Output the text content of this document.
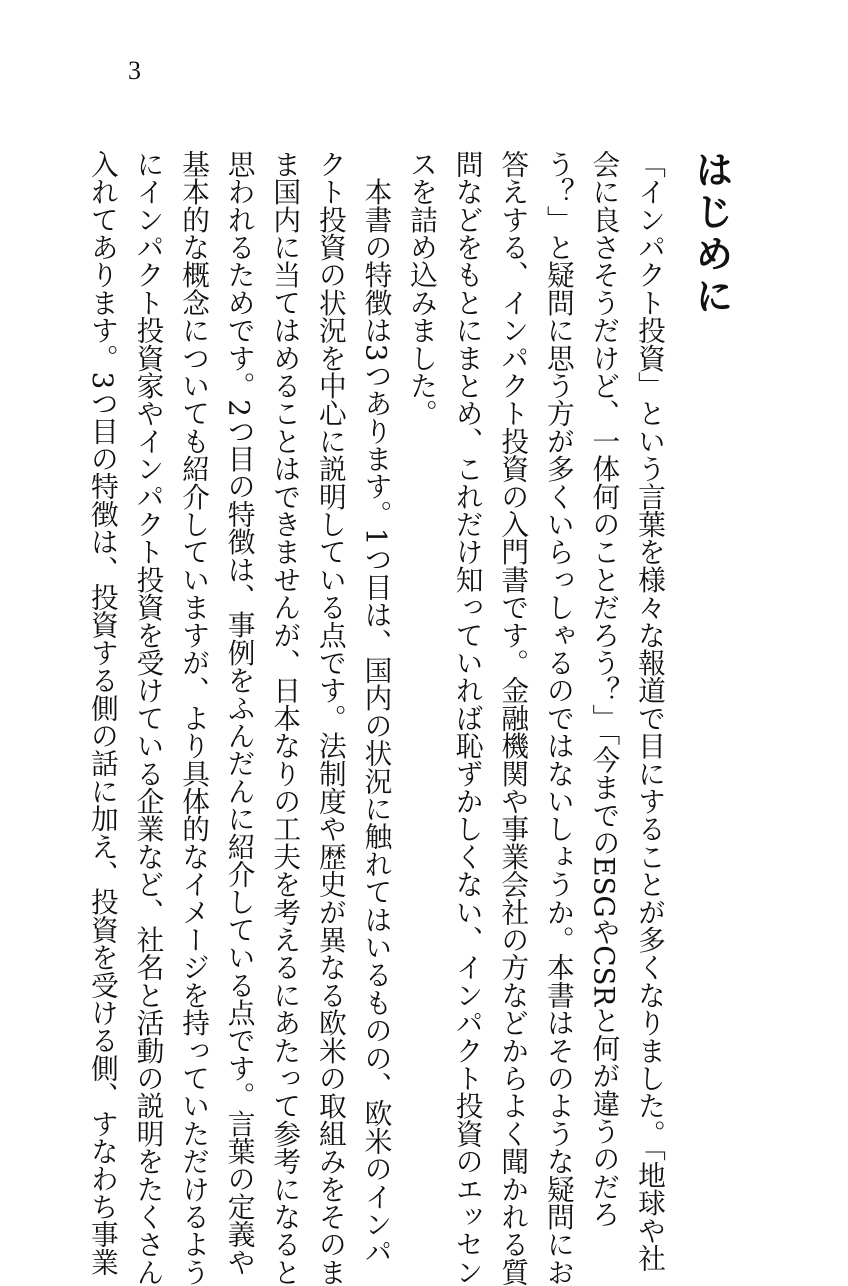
3
はじめに
「インパクト投資」という言葉を様々な報道で目にすることが多くなりました。「地球や社
会に良さそうだけど、一体何のことだろう？」「今までのESGやCSRと何が違うのだろ
う？」と疑問に思う方が多くいらっしゃるのではないしょうか。本書はそのような疑問にお
答えする、インパクト投資の入門書です。金融機関や事業会社の方などからよく聞かれる質
問などをもとにまとめ、これだけ知っていれば恥ずかしくない、インパクト投資のエッセン
スを詰め込みました。
　本書の特徴は3つあります。1つ目は、国内の状況に触れてはいるものの、欧米のインパ
クト投資の状況を中心に説明している点です。法制度や歴史が異なる欧米の取組みをそのま
ま国内に当てはめることはできませんが、日本なりの工夫を考えるにあたって参考になると
思われるためです。2つ目の特徴は、事例をふんだんに紹介している点です。言葉の定義や
基本的な概念についても紹介していますが、より具体的なイメージを持っていただけるよう
にインパクト投資家やインパクト投資を受けている企業など、社名と活動の説明をたくさん
入れてあります。3つ目の特徴は、投資する側の話に加え、投資を受ける側、すなわち事業
